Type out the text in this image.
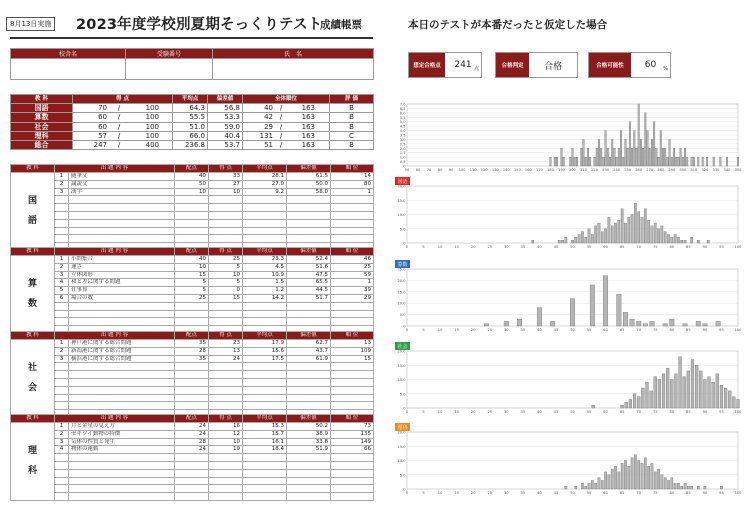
8月13日実施 2023年度学校別夏期そっくりテスト
成績帳票	本日のテストが本番だったと仮定した場合
校舎名	受験番号	氏　名

想定合格点	241 点	合格判定	合格	合格可能性	60 %
教 科	得 点	平均点	偏差値	全体順位	評 価
国語	70 / 100	64.3	56.8	40 / 163	B
算数	60 / 100	55.5	53.3	42 / 163	B
社会	60 / 100	51.0	59.0	29 / 163	B
理科	57 / 100	66.0	40.4	131 / 163	C
総合	247 / 400	236.8	53.7	51 / 163	B
教 科	出 題 内 容		配点	得 点	平均点	偏差値	順 位

国
語	1	随筆文	40	33	28.1	61.5	14
	2	論説文	50	27	27.0	50.0	80
	3	漢字	10	10	9.2	58.0	1

教 科	出 題 内 容		配点	得 点	平均点	偏差値	順 位

算
数	1	小問集合	40	25	23.3	52.4	46
	2	速さ	10	5	4.5	51.6	25
	3	立体図形	15	10	10.9	47.5	59
	4	和と差に関する問題	5	5	1.5	65.5	1
	5	仕事算	5	0	1.2	44.5	39
	6	場合の数	25	15	14.2	51.7	29

教 科	出 題 内 容		配点	得 点	平均点	偏差値	順 位

社
会	1	神戸港に関する総合問題	35	23	17.9	62.7	13
	2	新潟港に関する総合問題	28	13	15.6	43.7	109
	3	横浜港に関する総合問題	35	24	17.5	61.9	15

教 科	出 題 内 容		配点	得 点	平均点	偏差値	順 位

理
科	1	月と金星の見え方	24	16	15.3	50.2	73
	2	セキツイ動物の特徴	24	12	15.7	38.9	135
	3	気体の性質と発生	28	10	16.1	33.8	149
	4	物体の運動	24	19	18.4	51.9	66

0
0.5
1.0
1.5
2.0
2.5
3.0
3.5
4.0
4.5
5.0
5.5
6.0
6.5
7.0
50 60 70 80 90 100 110 120 130 140 150 160 170 180 190 200 210 220 230 240 250 260 270 280 290 300 310 320 330 340 350
0
5.0
10.0
15.0
20.0
0	5	10	15	20	25	30	35	40	45	50	55	60	65	70	75	80	85	90	95	100
国語
0
5.0
10.0
15.0
20.0
25.0
0	5	10	15	20	25	30	35	40	45	50	55	60	65	70	75	80	85	90	95	100
算数
0
5.0
10.0
15.0
20.0
0	5	10	15	20	25	30	35	40	45	50	55	60	65	70	75	80	85	90	95	100
社会
0
5.0
10.0
15.0
20.0
0	5	10	15	20	25	30	35	40	45	50	55	60	65	70	75	80	85	90	95	100
理科
